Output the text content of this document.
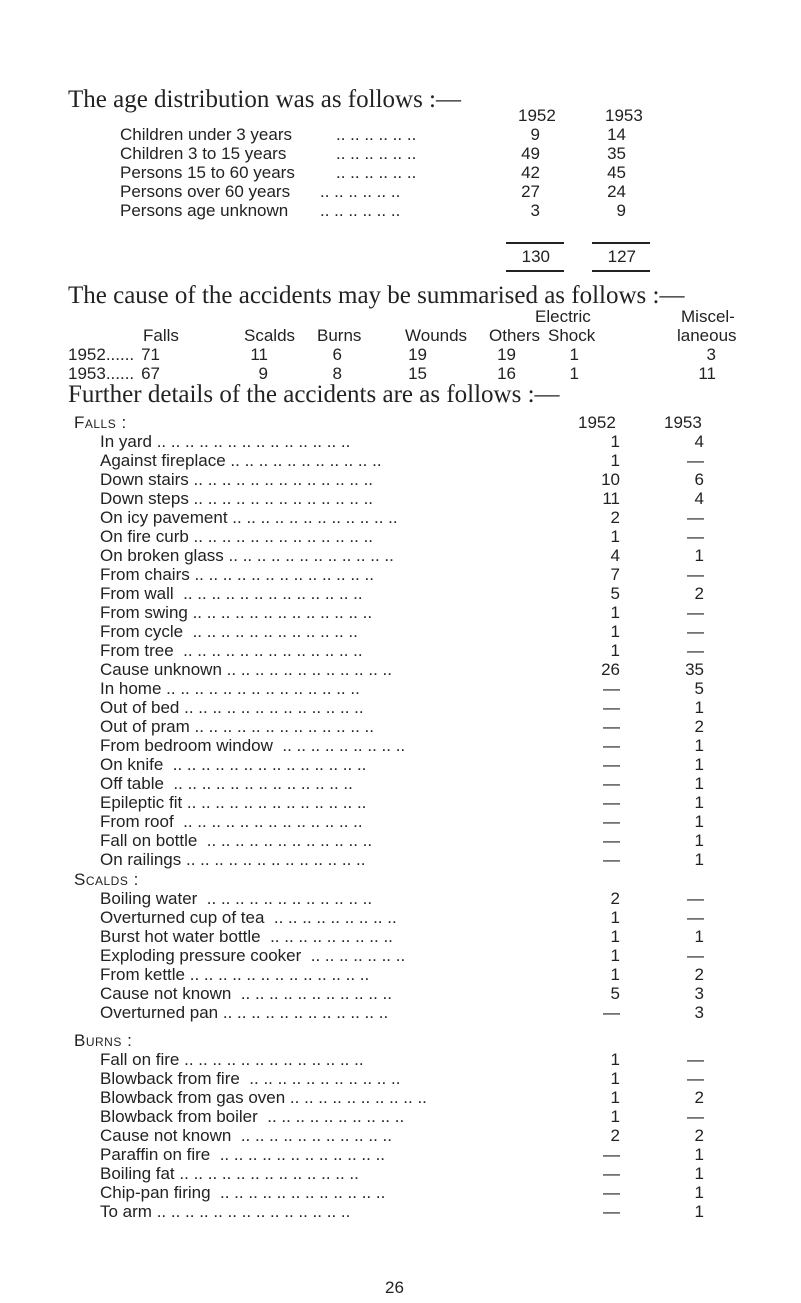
The age distribution was as follows :—
1952	1953
Children under 3 years	.. .. .. .. .. ..	9	14
Children 3 to 15 years	.. .. .. .. .. ..	49	35
Persons 15 to 60 years .. .. .. .. .. ..	42	45
Persons over 60 years .. .. .. .. .. ..	27	24
Persons age unknown .. .. .. .. .. ..	3	9
130	127
The cause of the accidents may be summarised as follows :—
Electric	Miscel-
Falls	Scalds Burns	Wounds Others Shock	laneous
1952...... 71	11	6	19	19	1	3
1953...... 67	9	8	15	16	1	11
Further details of the accidents are as follows :—
Falls :	1952	1953
In yard .. .. .. .. .. .. .. .. .. .. .. .. .. ..	1	4
Against fireplace .. .. .. .. .. .. .. .. .. .. ..	1	—
Down stairs .. .. .. .. .. .. .. .. .. .. .. .. ..	10	6
Down steps .. .. .. .. .. .. .. .. .. .. .. .. ..	11	4
On icy pavement .. .. .. .. .. .. .. .. .. .. .. ..	2	—
On fire curb .. .. .. .. .. .. .. .. .. .. .. .. ..	1	—
On broken glass .. .. .. .. .. .. .. .. .. .. .. ..	4	1
From chairs .. .. .. .. .. .. .. .. .. .. .. .. ..	7	—
From wall  .. .. .. .. .. .. .. .. .. .. .. .. ..	5	2
From swing .. .. .. .. .. .. .. .. .. .. .. .. ..	1	—
From cycle  .. .. .. .. .. .. .. .. .. .. .. ..	1	—
From tree  .. .. .. .. .. .. .. .. .. .. .. .. ..	1	—
Cause unknown .. .. .. .. .. .. .. .. .. .. .. ..	26	35
In home .. .. .. .. .. .. .. .. .. .. .. .. .. ..	—	5
Out of bed .. .. .. .. .. .. .. .. .. .. .. .. ..	—	1
Out of pram .. .. .. .. .. .. .. .. .. .. .. .. ..	—	2
From bedroom window  .. .. .. .. .. .. .. .. ..	—	1
On knife  .. .. .. .. .. .. .. .. .. .. .. .. .. ..	—	1
Off table  .. .. .. .. .. .. .. .. .. .. .. .. ..	—	1
Epileptic fit .. .. .. .. .. .. .. .. .. .. .. .. ..	—	1
From roof  .. .. .. .. .. .. .. .. .. .. .. .. ..	—	1
Fall on bottle  .. .. .. .. .. .. .. .. .. .. .. ..	—	1
On railings .. .. .. .. .. .. .. .. .. .. .. .. ..	—	1
Scalds :
Boiling water  .. .. .. .. .. .. .. .. .. .. .. ..	2	—
Overturned cup of tea  .. .. .. .. .. .. .. .. ..	1	—
Burst hot water bottle  .. .. .. .. .. .. .. .. ..	1	1
Exploding pressure cooker  .. .. .. .. .. .. ..	1	—
From kettle .. .. .. .. .. .. .. .. .. .. .. .. ..	1	2
Cause not known  .. .. .. .. .. .. .. .. .. .. ..	5	3
Overturned pan .. .. .. .. .. .. .. .. .. .. .. ..	—	3
Burns :
Fall on fire .. .. .. .. .. .. .. .. .. .. .. .. ..	1	—
Blowback from fire  .. .. .. .. .. .. .. .. .. .. ..	1	—
Blowback from gas oven .. .. .. .. .. .. .. .. .. ..	1	2
Blowback from boiler  .. .. .. .. .. .. .. .. .. ..	1	—
Cause not known  .. .. .. .. .. .. .. .. .. .. ..	2	2
Paraffin on fire  .. .. .. .. .. .. .. .. .. .. .. ..	—	1
Boiling fat .. .. .. .. .. .. .. .. .. .. .. .. ..	—	1
Chip-pan firing  .. .. .. .. .. .. .. .. .. .. .. ..	—	1
To arm .. .. .. .. .. .. .. .. .. .. .. .. .. ..	—	1
26
